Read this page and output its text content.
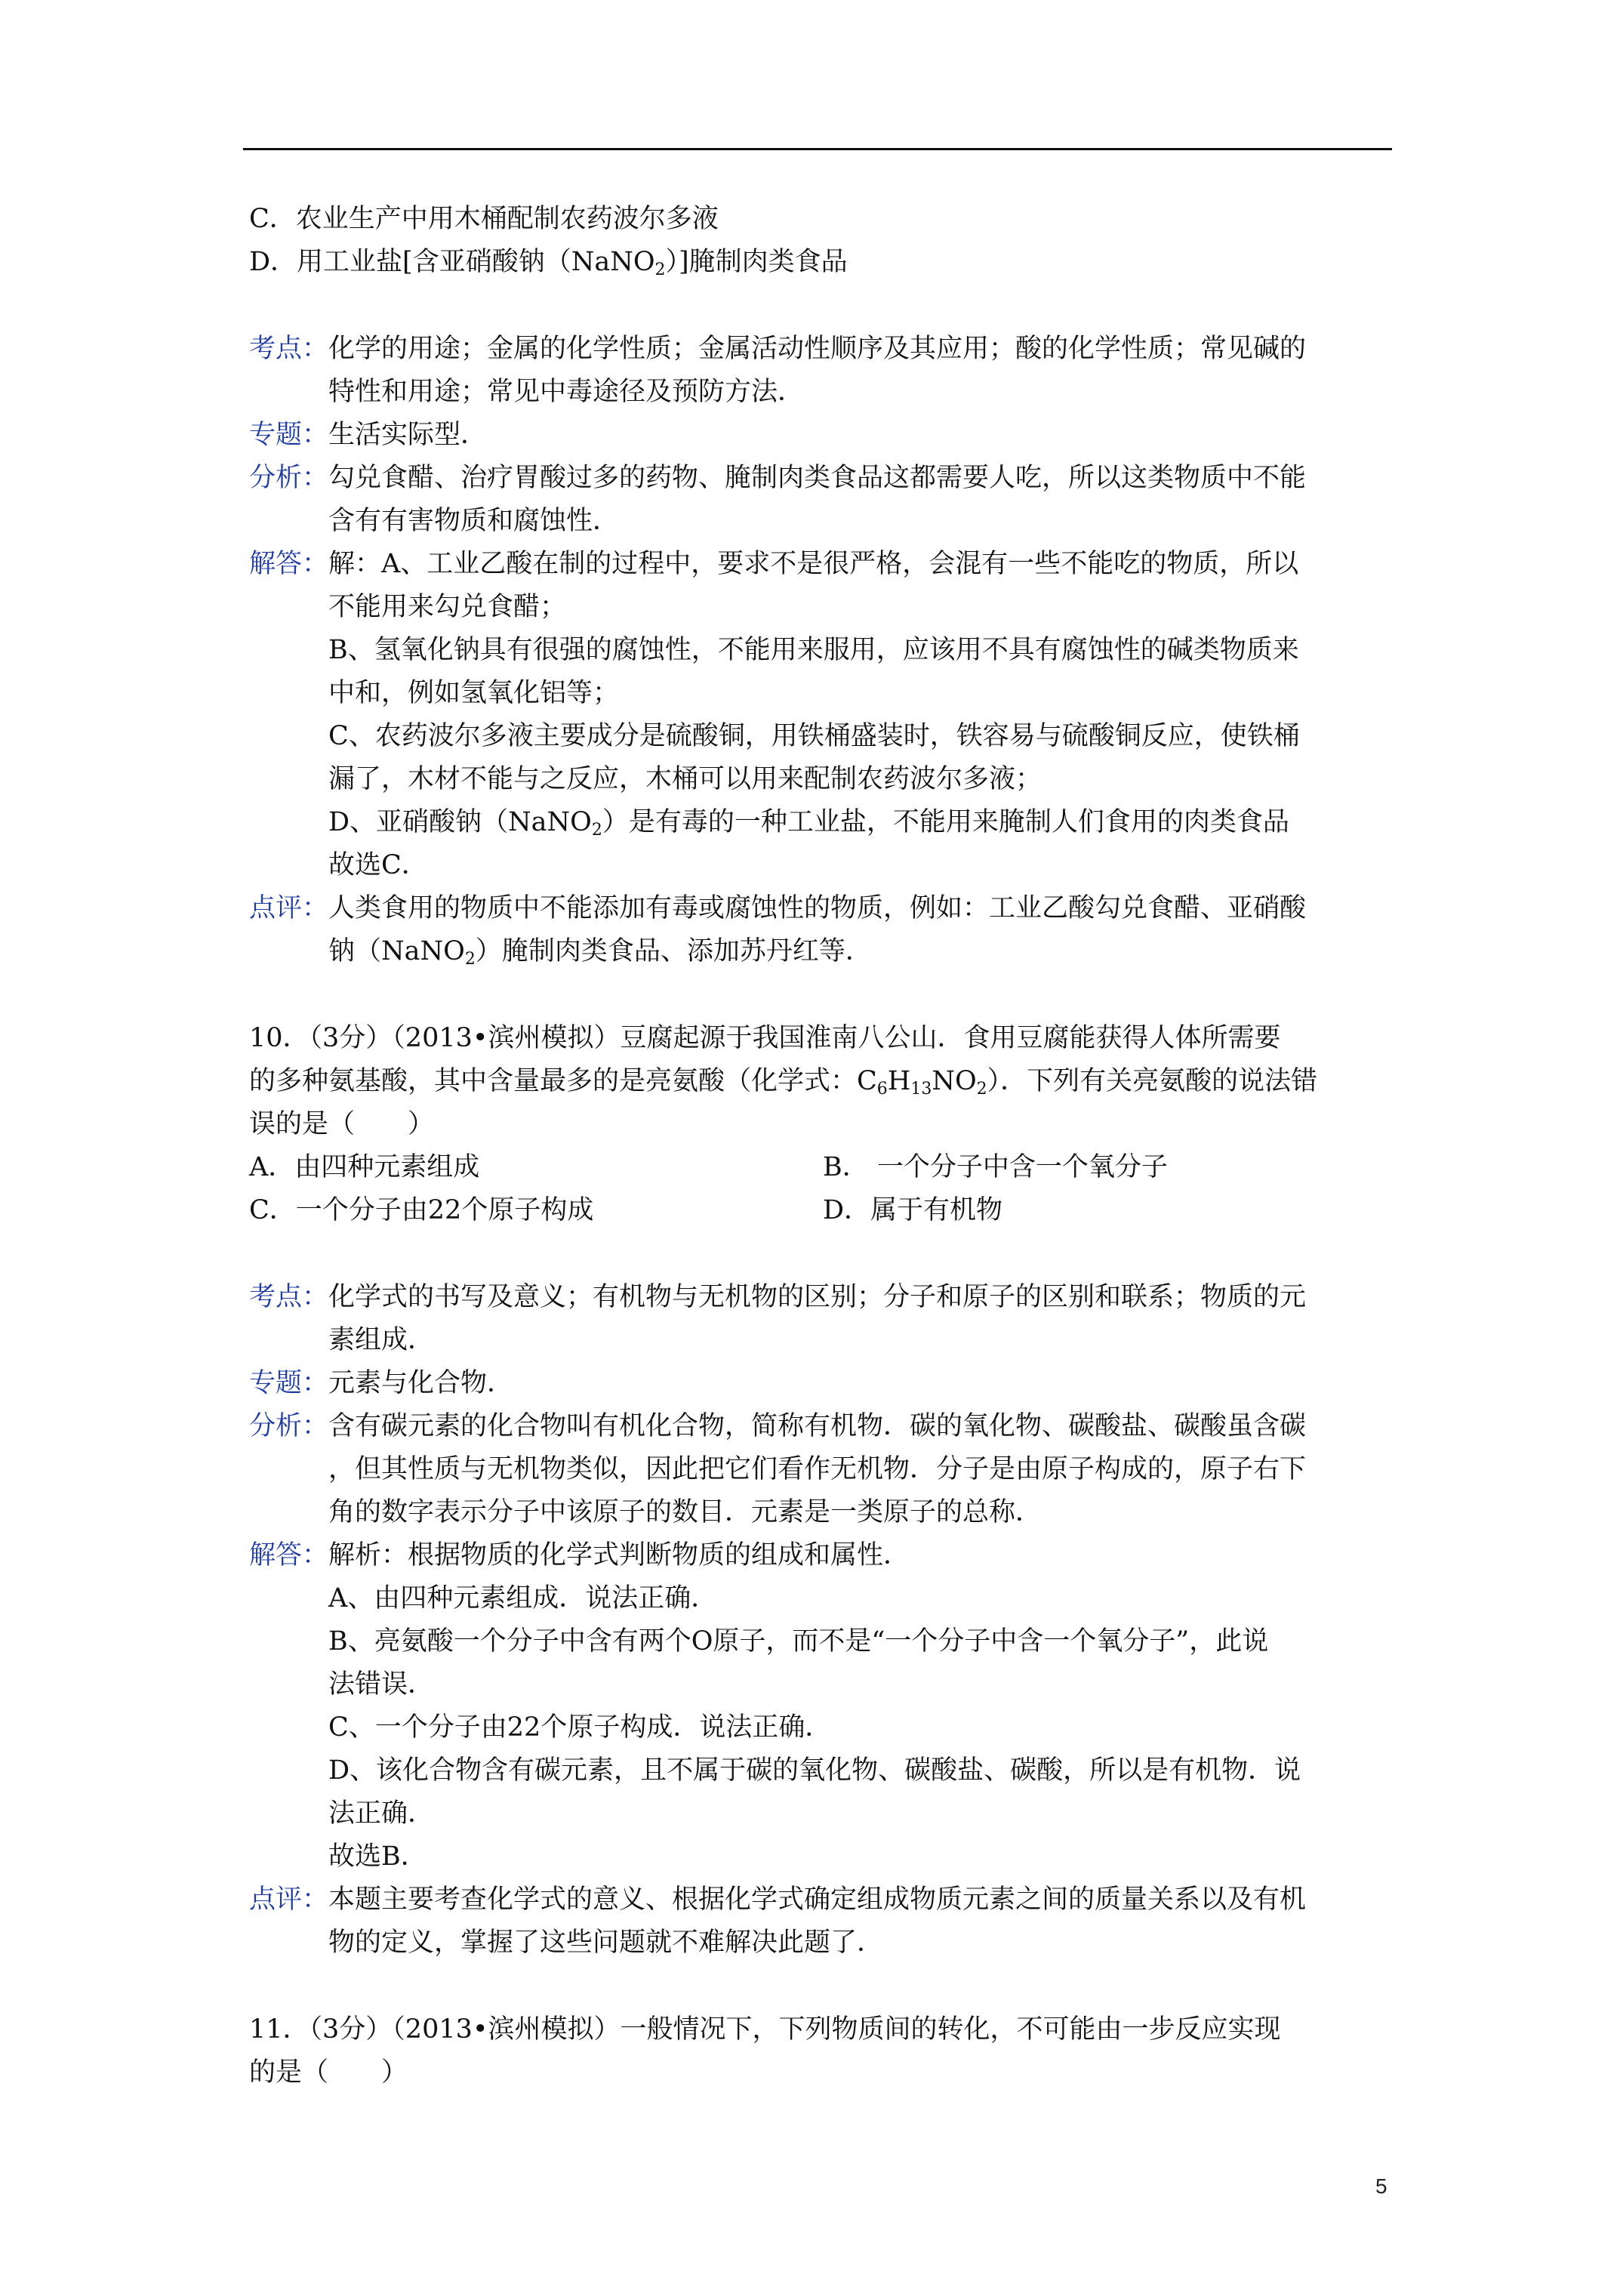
C．农业生产中用木桶配制农药波尔多液
D．用工业盐[含亚硝酸钠（NaNO$_2$）]腌制肉类食品
考点：化学的用途；金属的化学性质；金属活动性顺序及其应用；酸的化学性质；常见碱的
特性和用途；常见中毒途径及预防方法．
专题：生活实际型．
分析：勾兑食醋、治疗胃酸过多的药物、腌制肉类食品这都需要人吃，所以这类物质中不能
含有有害物质和腐蚀性．
解答：解：A、工业乙酸在制的过程中，要求不是很严格，会混有一些不能吃的物质，所以
不能用来勾兑食醋；
B、氢氧化钠具有很强的腐蚀性，不能用来服用，应该用不具有腐蚀性的碱类物质来
中和，例如氢氧化铝等；
C、农药波尔多液主要成分是硫酸铜，用铁桶盛装时，铁容易与硫酸铜反应，使铁桶
漏了，木材不能与之反应，木桶可以用来配制农药波尔多液；
D、亚硝酸钠（NaNO$_2$）是有毒的一种工业盐，不能用来腌制人们食用的肉类食品
故选C．
点评：人类食用的物质中不能添加有毒或腐蚀性的物质，例如：工业乙酸勾兑食醋、亚硝酸
钠（NaNO$_2$）腌制肉类食品、添加苏丹红等．
10．（3分）（2013•滨州模拟）豆腐起源于我国淮南八公山．食用豆腐能获得人体所需要
的多种氨基酸，其中含量最多的是亮氨酸（化学式：$C_6H_{13}NO_2$）．下列有关亮氨酸的说法错
误的是（　　）
A．由四种元素组成	B． 一个分子中含一个氧分子
C．一个分子由22个原子构成	D．属于有机物
考点：化学式的书写及意义；有机物与无机物的区别；分子和原子的区别和联系；物质的元
素组成．
专题：元素与化合物．
分析：含有碳元素的化合物叫有机化合物，简称有机物．碳的氧化物、碳酸盐、碳酸虽含碳
，但其性质与无机物类似，因此把它们看作无机物．分子是由原子构成的，原子右下
角的数字表示分子中该原子的数目．元素是一类原子的总称．
解答：解析：根据物质的化学式判断物质的组成和属性．
A、由四种元素组成．说法正确．
B、亮氨酸一个分子中含有两个O原子，而不是“一个分子中含一个氧分子”，此说
法错误．
C、一个分子由22个原子构成．说法正确．
D、该化合物含有碳元素，且不属于碳的氧化物、碳酸盐、碳酸，所以是有机物．说
法正确．
故选B．
点评：本题主要考查化学式的意义、根据化学式确定组成物质元素之间的质量关系以及有机
物的定义，掌握了这些问题就不难解决此题了．
11．（3分）（2013•滨州模拟）一般情况下，下列物质间的转化，不可能由一步反应实现
的是（　　）
5
